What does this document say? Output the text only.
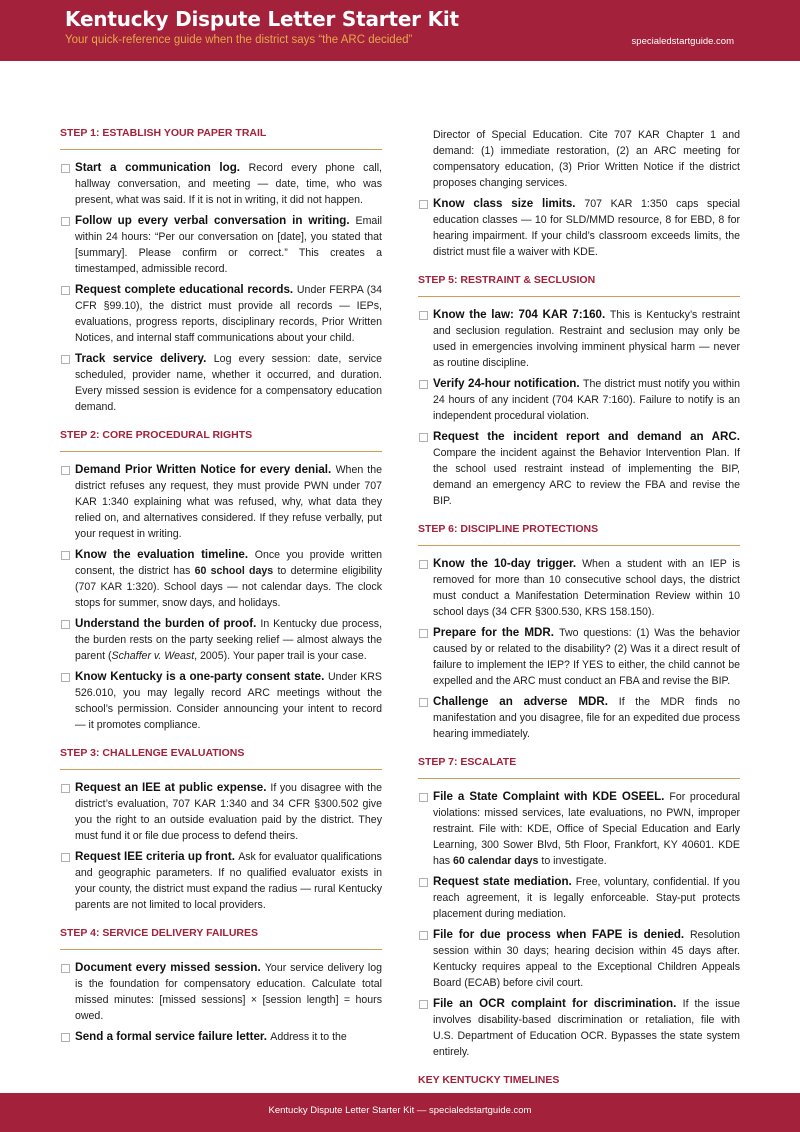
Kentucky Dispute Letter Starter Kit
Your quick-reference guide when the district says “the ARC decided”	specialedstartguide.com
STEP 1: ESTABLISH YOUR PAPER TRAIL
Start a communication log. Record every phone call, hallway conversation, and meeting — date, time, who was present, what was said. If it is not in writing, it did not happen.
Follow up every verbal conversation in writing. Email within 24 hours: “Per our conversation on [date], you stated that [summary]. Please confirm or correct.” This creates a timestamped, admissible record.
Request complete educational records. Under FERPA (34 CFR §99.10), the district must provide all records — IEPs, evaluations, progress reports, disciplinary records, Prior Written Notices, and internal staff communications about your child.
Track service delivery. Log every session: date, service scheduled, provider name, whether it occurred, and duration. Every missed session is evidence for a compensatory education demand.
STEP 2: CORE PROCEDURAL RIGHTS
Demand Prior Written Notice for every denial. When the district refuses any request, they must provide PWN under 707 KAR 1:340 explaining what was refused, why, what data they relied on, and alternatives considered. If they refuse verbally, put your request in writing.
Know the evaluation timeline. Once you provide written consent, the district has 60 school days to determine eligibility (707 KAR 1:320). School days — not calendar days. The clock stops for summer, snow days, and holidays.
Understand the burden of proof. In Kentucky due process, the burden rests on the party seeking relief — almost always the parent (Schaffer v. Weast, 2005). Your paper trail is your case.
Know Kentucky is a one-party consent state. Under KRS 526.010, you may legally record ARC meetings without the school’s permission. Consider announcing your intent to record — it promotes compliance.
STEP 3: CHALLENGE EVALUATIONS
Request an IEE at public expense. If you disagree with the district’s evaluation, 707 KAR 1:340 and 34 CFR §300.502 give you the right to an outside evaluation paid by the district. They must fund it or file due process to defend theirs.
Request IEE criteria up front. Ask for evaluator qualifications and geographic parameters. If no qualified evaluator exists in your county, the district must expand the radius — rural Kentucky parents are not limited to local providers.
STEP 4: SERVICE DELIVERY FAILURES
Document every missed session. Your service delivery log is the foundation for compensatory education. Calculate total missed minutes: [missed sessions] × [session length] = hours owed.
Send a formal service failure letter. Address it to the
Director of Special Education. Cite 707 KAR Chapter 1 and demand: (1) immediate restoration, (2) an ARC meeting for compensatory education, (3) Prior Written Notice if the district proposes changing services.
Know class size limits. 707 KAR 1:350 caps special education classes — 10 for SLD/MMD resource, 8 for EBD, 8 for hearing impairment. If your child’s classroom exceeds limits, the district must file a waiver with KDE.
STEP 5: RESTRAINT & SECLUSION
Know the law: 704 KAR 7:160. This is Kentucky’s restraint and seclusion regulation. Restraint and seclusion may only be used in emergencies involving imminent physical harm — never as routine discipline.
Verify 24-hour notification. The district must notify you within 24 hours of any incident (704 KAR 7:160). Failure to notify is an independent procedural violation.
Request the incident report and demand an ARC. Compare the incident against the Behavior Intervention Plan. If the school used restraint instead of implementing the BIP, demand an emergency ARC to review the FBA and revise the BIP.
STEP 6: DISCIPLINE PROTECTIONS
Know the 10-day trigger. When a student with an IEP is removed for more than 10 consecutive school days, the district must conduct a Manifestation Determination Review within 10 school days (34 CFR §300.530, KRS 158.150).
Prepare for the MDR. Two questions: (1) Was the behavior caused by or related to the disability? (2) Was it a direct result of failure to implement the IEP? If YES to either, the child cannot be expelled and the ARC must conduct an FBA and revise the BIP.
Challenge an adverse MDR. If the MDR finds no manifestation and you disagree, file for an expedited due process hearing immediately.
STEP 7: ESCALATE
File a State Complaint with KDE OSEEL. For procedural violations: missed services, late evaluations, no PWN, improper restraint. File with: KDE, Office of Special Education and Early Learning, 300 Sower Blvd, 5th Floor, Frankfort, KY 40601. KDE has 60 calendar days to investigate.
Request state mediation. Free, voluntary, confidential. If you reach agreement, it is legally enforceable. Stay-put protects placement during mediation.
File for due process when FAPE is denied. Resolution session within 30 days; hearing decision within 45 days after. Kentucky requires appeal to the Exceptional Children Appeals Board (ECAB) before civil court.
File an OCR complaint for discrimination. If the issue involves disability-based discrimination or retaliation, file with U.S. Department of Education OCR. Bypasses the state system entirely.
KEY KENTUCKY TIMELINES
Kentucky Dispute Letter Starter Kit — specialedstartguide.com
